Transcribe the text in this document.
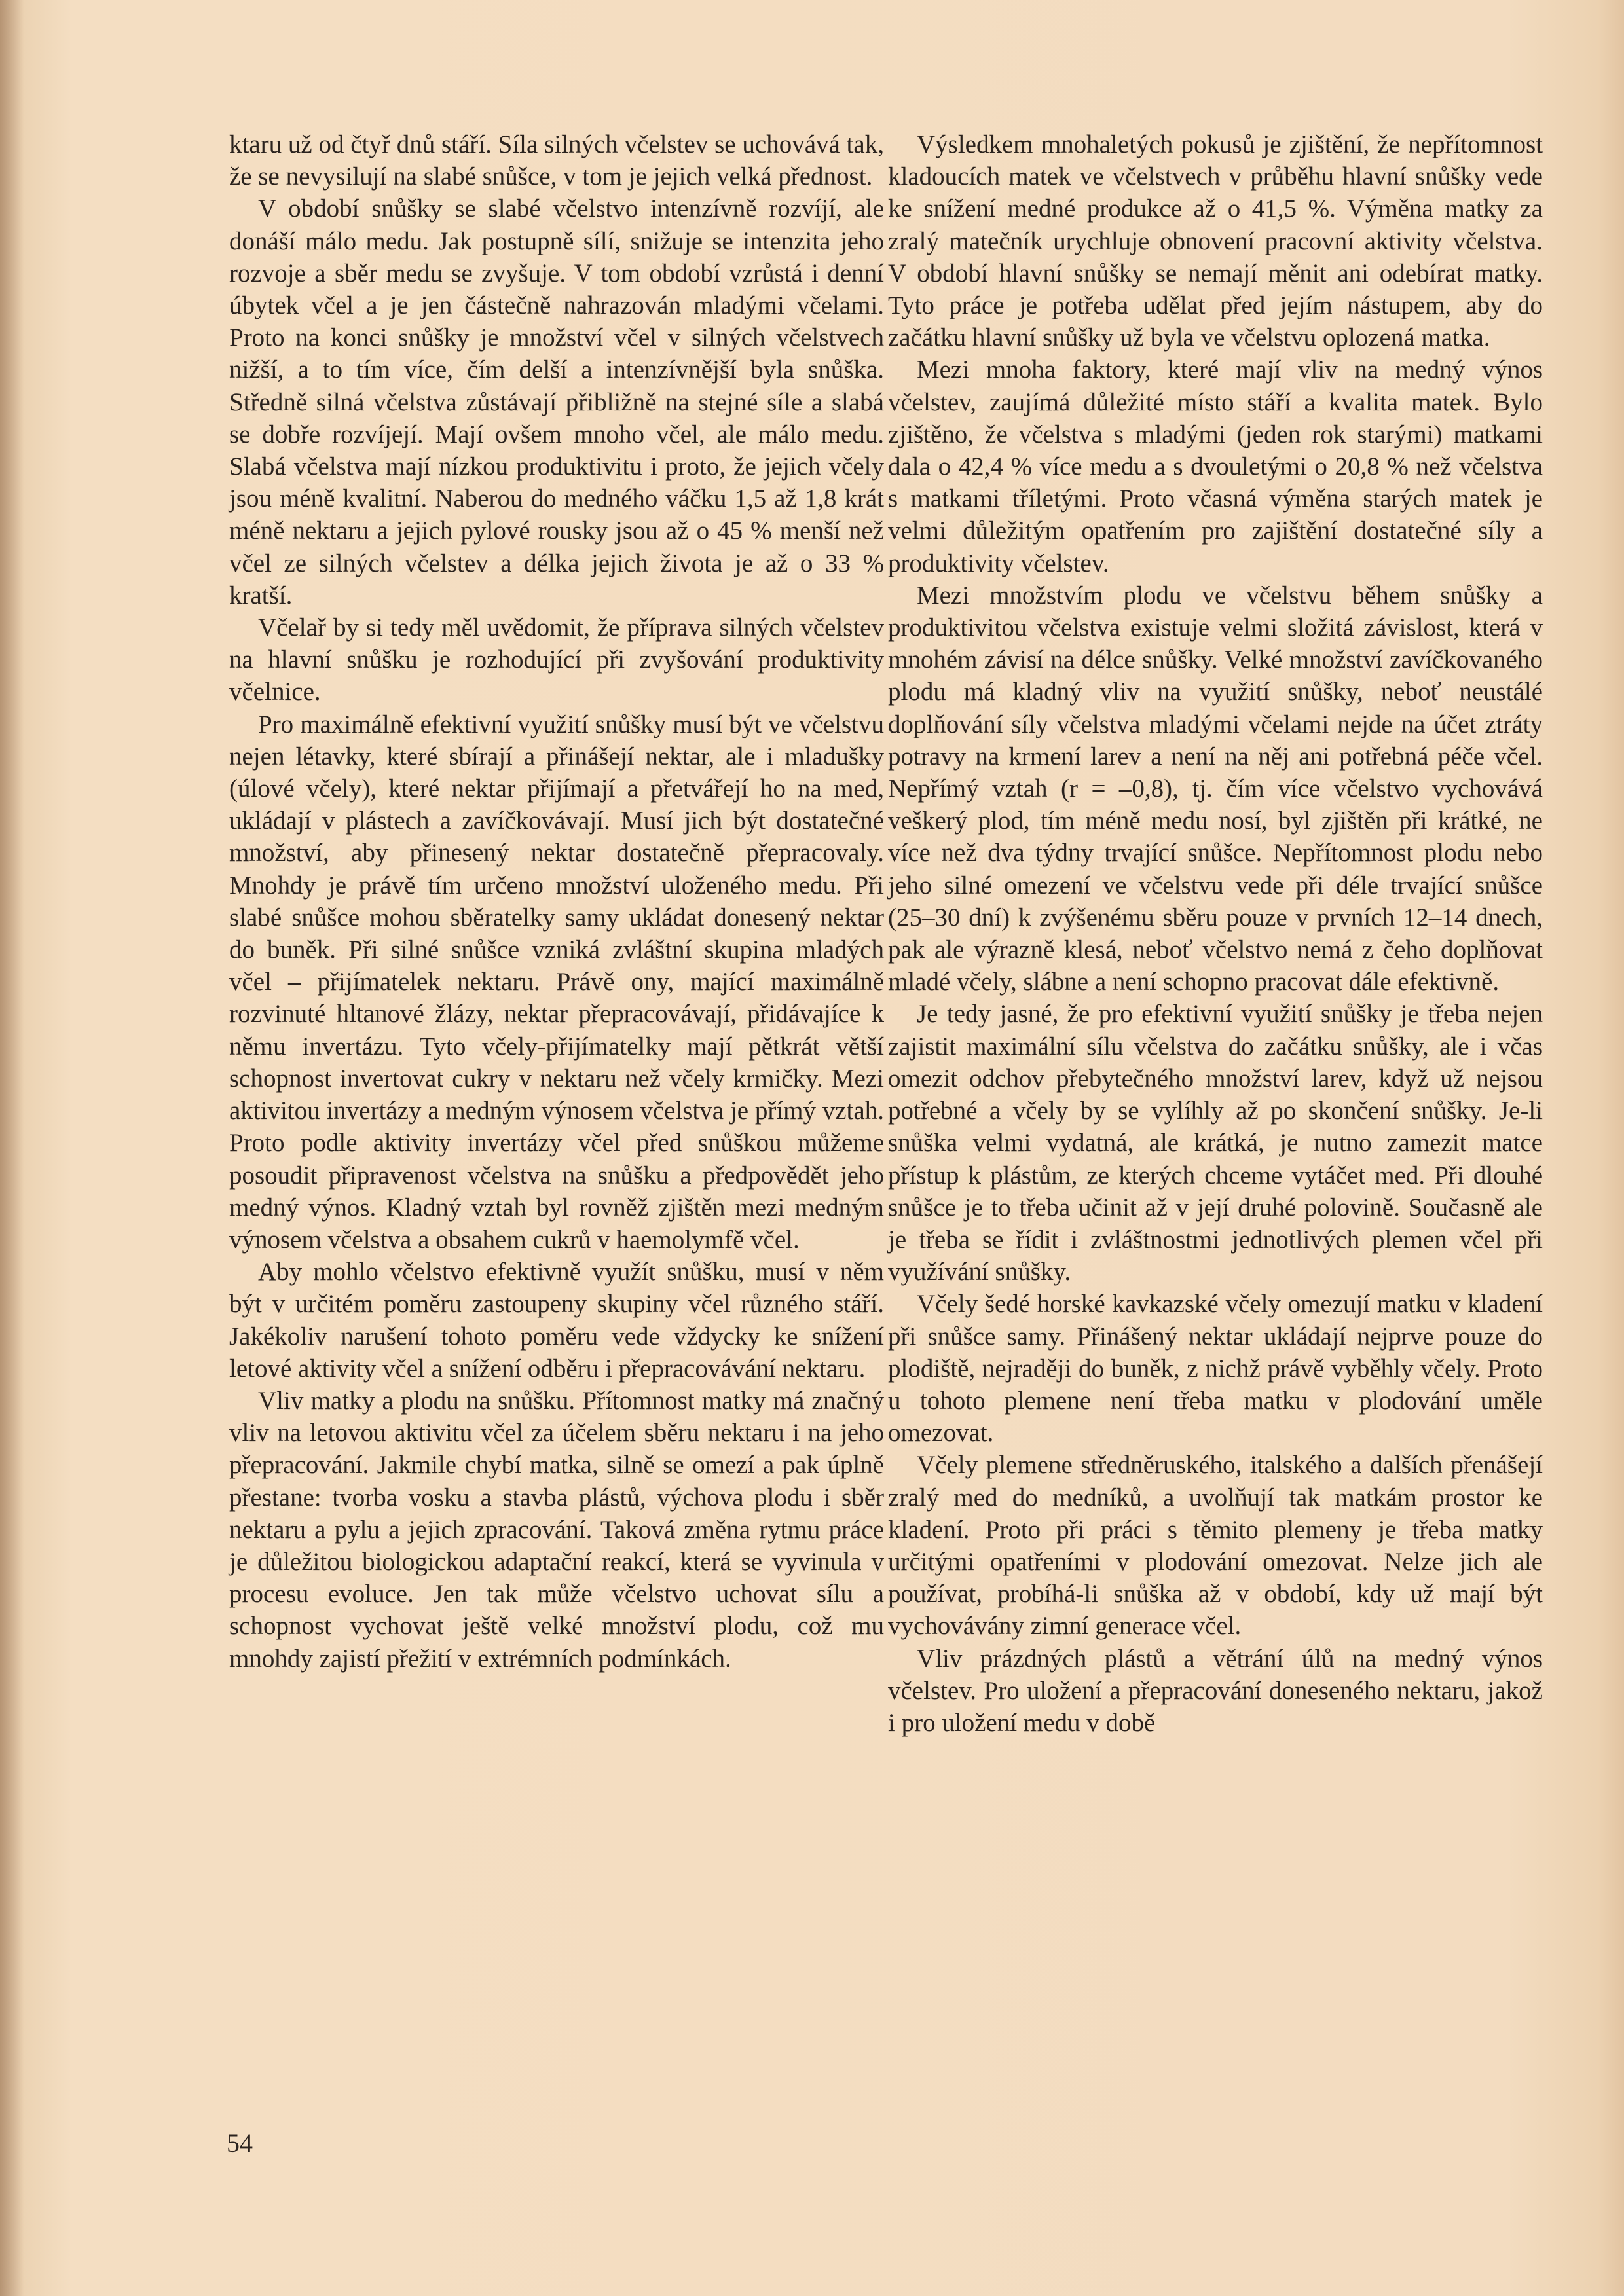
ktaru už od čtyř dnů stáří. Síla silných včelstev se uchovává tak, že se nevysilují na slabé snůšce, v tom je jejich velká přednost.

V období snůšky se slabé včelstvo intenzívně rozvíjí, ale donáší málo medu. Jak postupně sílí, snižuje se intenzita jeho rozvoje a sběr medu se zvyšuje. V tom období vzrůstá i denní úbytek včel a je jen částečně nahrazován mladými včelami. Proto na konci snůšky je množství včel v silných včelstvech nižší, a to tím více, čím delší a intenzívnější byla snůška. Středně silná včelstva zůstávají přibližně na stejné síle a slabá se dobře rozvíjejí. Mají ovšem mnoho včel, ale málo medu. Slabá včelstva mají nízkou produktivitu i proto, že jejich včely jsou méně kvalitní. Naberou do medného váčku 1,5 až 1,8 krát méně nektaru a jejich pylové rousky jsou až o 45 % menší než včel ze silných včelstev a délka jejich života je až o 33 % kratší.

Včelař by si tedy měl uvědomit, že příprava silných včelstev na hlavní snůšku je rozhodující při zvyšování produktivity včelnice.

Pro maximálně efektivní využití snůšky musí být ve včelstvu nejen létavky, které sbírají a přinášejí nektar, ale i mladušky (úlové včely), které nektar přijímají a přetvářejí ho na med, ukládají v plástech a zavíčkovávají. Musí jich být dostatečné množství, aby přinesený nektar dostatečně přepracovaly. Mnohdy je právě tím určeno množství uloženého medu. Při slabé snůšce mohou sběratelky samy ukládat donesený nektar do buněk. Při silné snůšce vzniká zvláštní skupina mladých včel – přijímatelek nektaru. Právě ony, mající maximálně rozvinuté hltanové žlázy, nektar přepracovávají, přidávajíce k němu invertázu. Tyto včely-přijímatelky mají pětkrát větší schopnost invertovat cukry v nektaru než včely krmičky. Mezi aktivitou invertázy a medným výnosem včelstva je přímý vztah. Proto podle aktivity invertázy včel před snůškou můžeme posoudit připravenost včelstva na snůšku a předpovědět jeho medný výnos. Kladný vztah byl rovněž zjištěn mezi medným výnosem včelstva a obsahem cukrů v haemolymfě včel.

Aby mohlo včelstvo efektivně využít snůšku, musí v něm být v určitém poměru zastoupeny skupiny včel různého stáří. Jakékoliv narušení tohoto poměru vede vždycky ke snížení letové aktivity včel a snížení odběru i přepracovávání nektaru.

Vliv matky a plodu na snůšku. Přítomnost matky má značný vliv na letovou aktivitu včel za účelem sběru nektaru i na jeho přepracování. Jakmile chybí matka, silně se omezí a pak úplně přestane: tvorba vosku a stavba plástů, výchova plodu i sběr nektaru a pylu a jejich zpracování. Taková změna rytmu práce je důležitou biologickou adaptační reakcí, která se vyvinula v procesu evoluce. Jen tak může včelstvo uchovat sílu a schopnost vychovat ještě velké množství plodu, což mu mnohdy zajistí přežití v extrémních podmínkách.

Výsledkem mnohaletých pokusů je zjištění, že nepřítomnost kladoucích matek ve včelstvech v průběhu hlavní snůšky vede ke snížení medné produkce až o 41,5 %. Výměna matky za zralý matečník urychluje obnovení pracovní aktivity včelstva. V období hlavní snůšky se nemají měnit ani odebírat matky. Tyto práce je potřeba udělat před jejím nástupem, aby do začátku hlavní snůšky už byla ve včelstvu oplozená matka.

Mezi mnoha faktory, které mají vliv na medný výnos včelstev, zaujímá důležité místo stáří a kvalita matek. Bylo zjištěno, že včelstva s mladými (jeden rok starými) matkami dala o 42,4 % více medu a s dvouletými o 20,8 % než včelstva s matkami tříletými. Proto včasná výměna starých matek je velmi důležitým opatřením pro zajištění dostatečné síly a produktivity včelstev.

Mezi množstvím plodu ve včelstvu během snůšky a produktivitou včelstva existuje velmi složitá závislost, která v mnohém závisí na délce snůšky. Velké množství zavíčkovaného plodu má kladný vliv na využití snůšky, neboť neustálé doplňování síly včelstva mladými včelami nejde na účet ztráty potravy na krmení larev a není na něj ani potřebná péče včel. Nepřímý vztah (r = –0,8), tj. čím více včelstvo vychovává veškerý plod, tím méně medu nosí, byl zjištěn při krátké, ne více než dva týdny trvající snůšce. Nepřítomnost plodu nebo jeho silné omezení ve včelstvu vede při déle trvající snůšce (25–30 dní) k zvýšenému sběru pouze v prvních 12–14 dnech, pak ale výrazně klesá, neboť včelstvo nemá z čeho doplňovat mladé včely, slábne a není schopno pracovat dále efektivně.

Je tedy jasné, že pro efektivní využití snůšky je třeba nejen zajistit maximální sílu včelstva do začátku snůšky, ale i včas omezit odchov přebytečného množství larev, když už nejsou potřebné a včely by se vylíhly až po skončení snůšky. Je-li snůška velmi vydatná, ale krátká, je nutno zamezit matce přístup k plástům, ze kterých chceme vytáčet med. Při dlouhé snůšce je to třeba učinit až v její druhé polovině. Současně ale je třeba se řídit i zvláštnostmi jednotlivých plemen včel při využívání snůšky.

Včely šedé horské kavkazské včely omezují matku v kladení při snůšce samy. Přinášený nektar ukládají nejprve pouze do plodiště, nejraději do buněk, z nichž právě vyběhly včely. Proto u tohoto plemene není třeba matku v plodování uměle omezovat.

Včely plemene středněruského, italského a dalších přenášejí zralý med do medníků, a uvolňují tak matkám prostor ke kladení. Proto při práci s těmito plemeny je třeba matky určitými opatřeními v plodování omezovat. Nelze jich ale používat, probíhá-li snůška až v období, kdy už mají být vychovávány zimní generace včel.

Vliv prázdných plástů a větrání úlů na medný výnos včelstev. Pro uložení a přepracování doneseného nektaru, jakož i pro uložení medu v době

54
